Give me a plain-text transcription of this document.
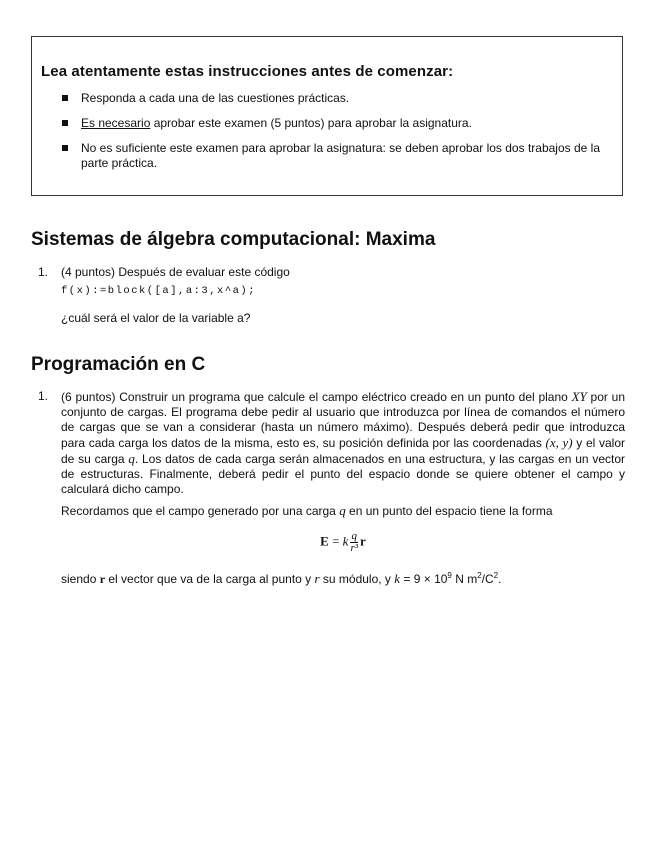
Lea atentamente estas instrucciones antes de comenzar:
Responda a cada una de las cuestiones prácticas.
Es necesario aprobar este examen (5 puntos) para aprobar la asignatura.
No es suficiente este examen para aprobar la asignatura: se deben aprobar los dos trabajos de la parte práctica.
Sistemas de álgebra computacional: Maxima
1. (4 puntos) Después de evaluar este código
f(x):=block([a],a:3,x^a);
¿cuál será el valor de la variable a?
Programación en C
1. (6 puntos) Construir un programa que calcule el campo eléctrico creado en un punto del plano XY por un conjunto de cargas. El programa debe pedir al usuario que introduzca por línea de comandos el número de cargas que se van a considerar (hasta un número máximo). Después deberá pedir que introduzca para cada carga los datos de la misma, esto es, su posición definida por las coordenadas (x, y) y el valor de su carga q. Los datos de cada carga serán almacenados en una estructura, y las cargas en un vector de estructuras. Finalmente, deberá pedir el punto del espacio donde se quiere obtener el campo y calculará dicho campo.
Recordamos que el campo generado por una carga q en un punto del espacio tiene la forma
E = k $\frac{q}{\text{r³}}$ r
siendo r el vector que va de la carga al punto y r su módulo, y $k = 9 \times 10^9$ N $m^2/C^2$.
